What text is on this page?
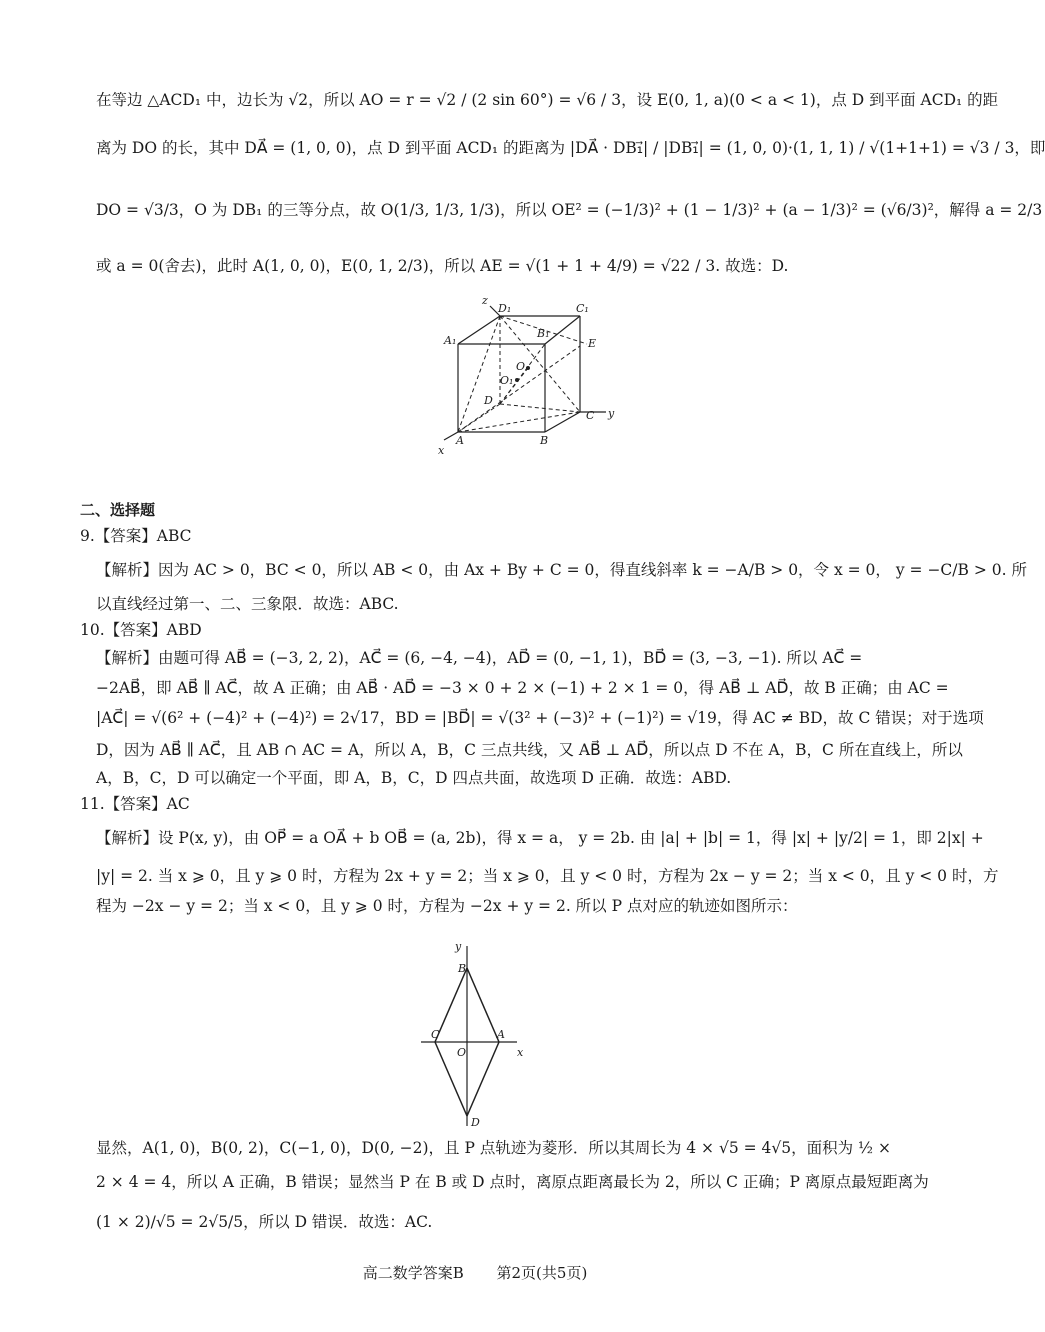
在等边 △ACD₁ 中，边长为 √2，所以 AO = r = √2 / (2 sin 60°) = √6 / 3，设 E(0, 1, a)(0 < a < 1)，点 D 到平面 ACD₁ 的距
离为 DO 的长，其中 DA⃗ = (1, 0, 0)，点 D 到平面 ACD₁ 的距离为 |DA⃗ · DB₁⃗| / |DB₁⃗| = (1, 0, 0)·(1, 1, 1) / √(1+1+1) = √3 / 3，即
DO = √3/3，O 为 DB₁ 的三等分点，故 O(1/3, 1/3, 1/3)，所以 OE² = (−1/3)² + (1 − 1/3)² + (a − 1/3)² = (√6/3)²，解得 a = 2/3
或 a = 0(舍去)，此时 A(1, 0, 0)，E(0, 1, 2/3)，所以 AE = √(1 + 1 + 4/9) = √22 / 3. 故选：D.
z
D₁	C₁
A₁
B₁
E
O
O₁
D
C y
A	B
x
二、选择题
9.【答案】ABC
【解析】因为 AC > 0，BC < 0，所以 AB < 0，由 Ax + By + C = 0，得直线斜率 k = −A/B > 0，令 x = 0， y = −C/B > 0. 所
以直线经过第一、二、三象限．故选：ABC.
10.【答案】ABD
【解析】由题可得 AB⃗ = (−3, 2, 2)，AC⃗ = (6, −4, −4)，AD⃗ = (0, −1, 1)，BD⃗ = (3, −3, −1). 所以 AC⃗ =
−2AB⃗，即 AB⃗ ∥ AC⃗，故 A 正确；由 AB⃗ · AD⃗ = −3 × 0 + 2 × (−1) + 2 × 1 = 0，得 AB⃗ ⊥ AD⃗，故 B 正确；由 AC =
|AC⃗| = √(6² + (−4)² + (−4)²) = 2√17，BD = |BD⃗| = √(3² + (−3)² + (−1)²) = √19，得 AC ≠ BD，故 C 错误；对于选项
D，因为 AB⃗ ∥ AC⃗，且 AB ∩ AC = A，所以 A，B，C 三点共线，又 AB⃗ ⊥ AD⃗，所以点 D 不在 A，B，C 所在直线上，所以
A，B，C，D 可以确定一个平面，即 A，B，C，D 四点共面，故选项 D 正确．故选：ABD.
11.【答案】AC
【解析】设 P(x, y)，由 OP⃗ = a OA⃗ + b OB⃗ = (a, 2b)，得 x = a， y = 2b. 由 |a| + |b| = 1，得 |x| + |y/2| = 1，即 2|x| +
|y| = 2. 当 x ⩾ 0，且 y ⩾ 0 时，方程为 2x + y = 2；当 x ⩾ 0，且 y < 0 时，方程为 2x − y = 2；当 x < 0，且 y < 0 时，方
程为 −2x − y = 2；当 x < 0，且 y ⩾ 0 时，方程为 −2x + y = 2. 所以 P 点对应的轨迹如图所示：
y
B
C	A
O	x
D
显然，A(1, 0)，B(0, 2)，C(−1, 0)，D(0, −2)，且 P 点轨迹为菱形．所以其周长为 4 × √5 = 4√5，面积为 ½ ×
2 × 4 = 4，所以 A 正确，B 错误；显然当 P 在 B 或 D 点时，离原点距离最长为 2，所以 C 正确；P 离原点最短距离为
(1 × 2)/√5 = 2√5/5，所以 D 错误．故选：AC.
高二数学答案B 第2页(共5页)
